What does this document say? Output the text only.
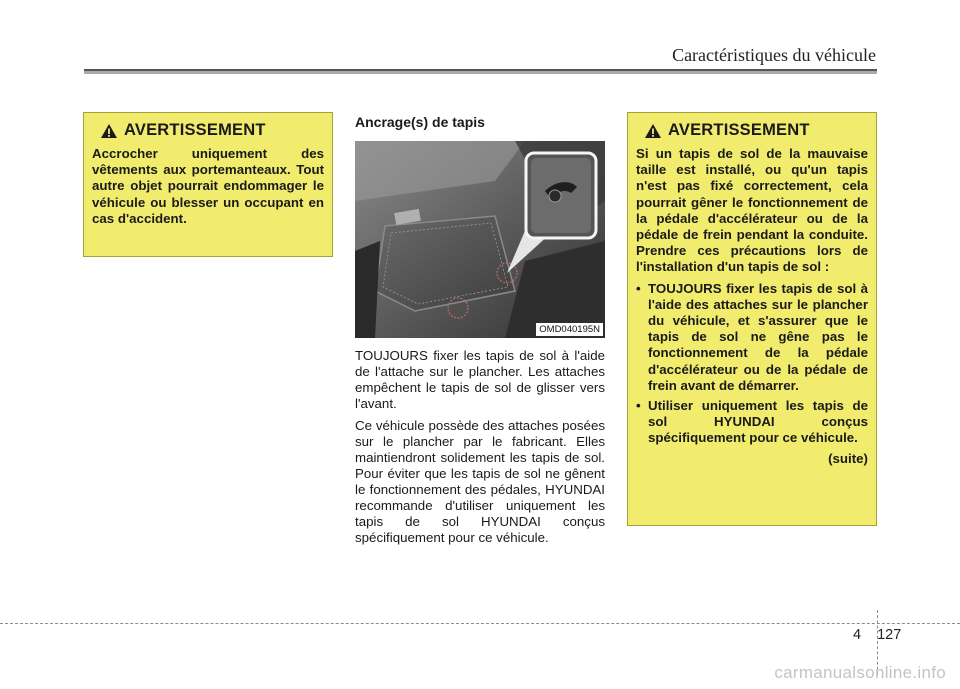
Caractéristiques du véhicule
AVERTISSEMENT

Accrocher uniquement des vêtements aux portemanteaux. Tout autre objet pourrait endommager le véhicule ou blesser un occupant en cas d'accident.

Ancrage(s) de tapis
OMD040195N

TOUJOURS fixer les tapis de sol à l'aide de l'attache sur le plancher. Les attaches empêchent le tapis de sol de glisser vers l'avant.

Ce véhicule possède des attaches posées sur le plancher par le fabricant. Elles maintiendront solidement les tapis de sol. Pour éviter que les tapis de sol ne gênent le fonctionnement des pédales, HYUNDAI recommande d'utiliser uniquement les tapis de sol HYUNDAI conçus spécifiquement pour ce véhicule.

AVERTISSEMENT

Si un tapis de sol de la mauvaise taille est installé, ou qu'un tapis n'est pas fixé correctement, cela pourrait gêner le fonctionnement de la pédale d'accélérateur ou de la pédale de frein pendant la conduite. Prendre ces précautions lors de l'installation d'un tapis de sol :

• TOUJOURS fixer les tapis de sol à l'aide des attaches sur le plancher du véhicule, et s'assurer que le tapis de sol ne gêne pas le fonctionnement de la pédale d'accélérateur ou de la pédale de frein avant de démarrer.
• Utiliser uniquement les tapis de sol HYUNDAI conçus spécifiquement pour ce véhicule.
(suite)
4 127
carmanualsonline.info
